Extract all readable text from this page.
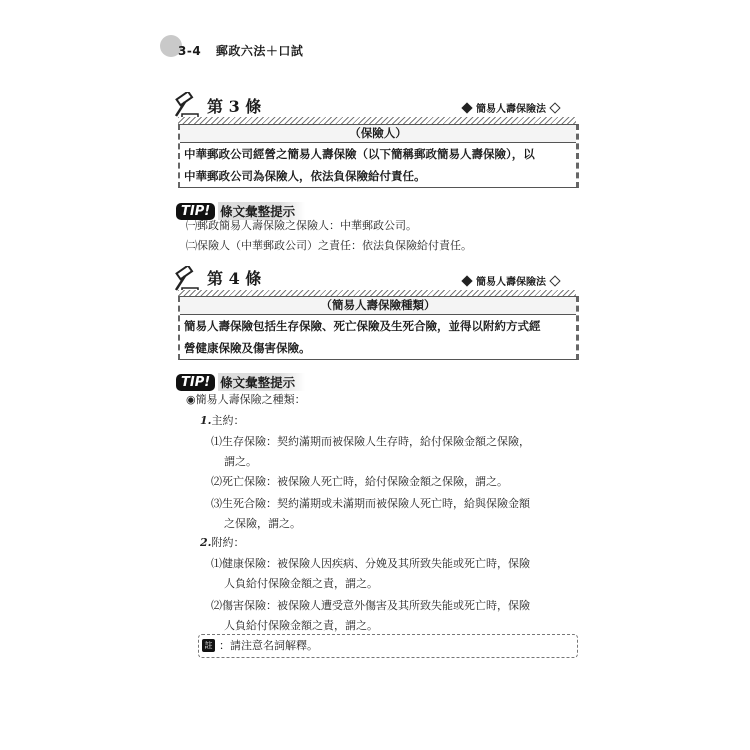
3-4 郵政六法＋口試
第 3 條	簡易人壽保險法
（保險人）
中華郵政公司經營之簡易人壽保險（以下簡稱郵政簡易人壽保險），以
中華郵政公司為保險人，依法負保險給付責任。
TIP! 條文彙整提示
㈠郵政簡易人壽保險之保險人：中華郵政公司。
㈡保險人（中華郵政公司）之責任：依法負保險給付責任。
第 4 條	簡易人壽保險法
（簡易人壽保險種類）
簡易人壽保險包括生存保險、死亡保險及生死合險，並得以附約方式經
營健康保險及傷害保險。
TIP! 條文彙整提示
◉簡易人壽保險之種類：
1.主約：
⑴生存保險：契約滿期而被保險人生存時，給付保險金額之保險，
謂之。
⑵死亡保險：被保險人死亡時，給付保險金額之保險，謂之。
⑶生死合險：契約滿期或未滿期而被保險人死亡時，給與保險金額
之保險，謂之。
2.附約：
⑴健康保險：被保險人因疾病、分娩及其所致失能或死亡時，保險
人負給付保險金額之責，謂之。
⑵傷害保險：被保險人遭受意外傷害及其所致失能或死亡時，保險
人負給付保險金額之責，謂之。
註 ：請注意名詞解釋。
